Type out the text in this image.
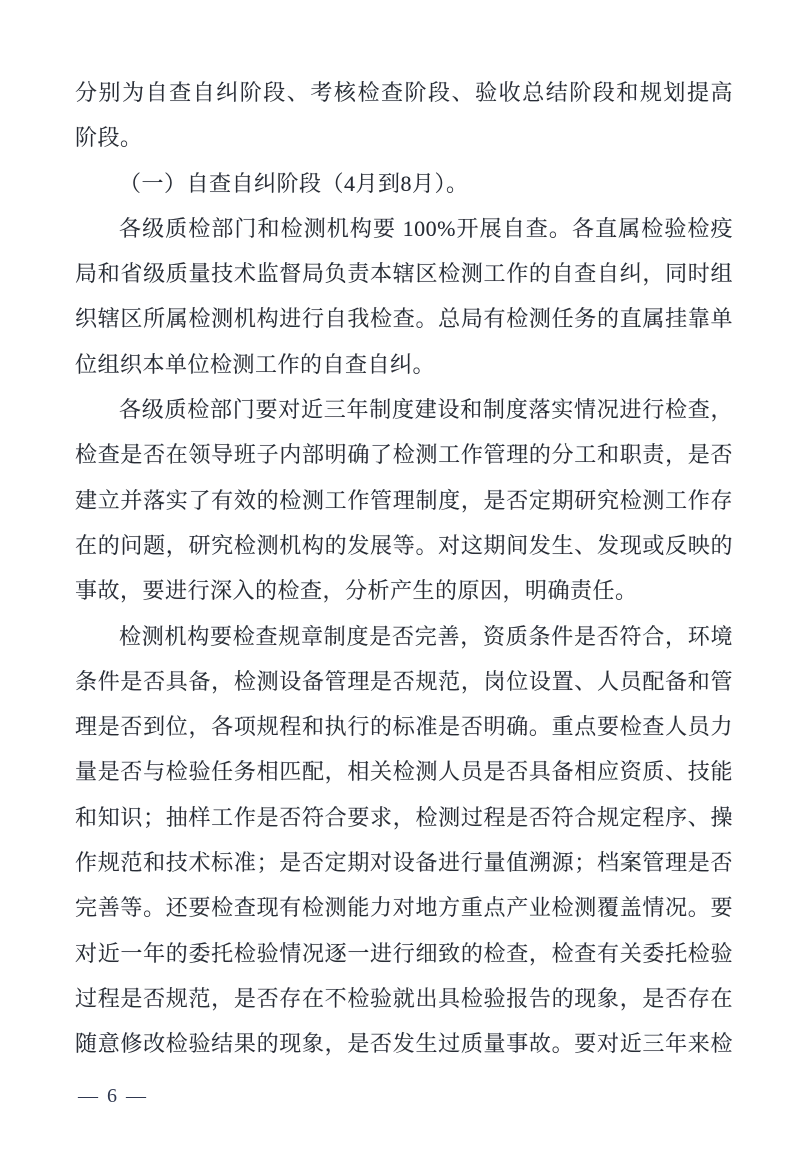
分别为自查自纠阶段、考核检查阶段、验收总结阶段和规划提高
阶段。
（一）自查自纠阶段（4月到8月）。
各级质检部门和检测机构要 100%开展自查。各直属检验检疫
局和省级质量技术监督局负责本辖区检测工作的自查自纠，同时组
织辖区所属检测机构进行自我检查。总局有检测任务的直属挂靠单
位组织本单位检测工作的自查自纠。
各级质检部门要对近三年制度建设和制度落实情况进行检查，
检查是否在领导班子内部明确了检测工作管理的分工和职责，是否
建立并落实了有效的检测工作管理制度，是否定期研究检测工作存
在的问题，研究检测机构的发展等。对这期间发生、发现或反映的
事故，要进行深入的检查，分析产生的原因，明确责任。
检测机构要检查规章制度是否完善，资质条件是否符合，环境
条件是否具备，检测设备管理是否规范，岗位设置、人员配备和管
理是否到位，各项规程和执行的标准是否明确。重点要检查人员力
量是否与检验任务相匹配，相关检测人员是否具备相应资质、技能
和知识；抽样工作是否符合要求，检测过程是否符合规定程序、操
作规范和技术标准；是否定期对设备进行量值溯源；档案管理是否
完善等。还要检查现有检测能力对地方重点产业检测覆盖情况。要
对近一年的委托检验情况逐一进行细致的检查，检查有关委托检验
过程是否规范，是否存在不检验就出具检验报告的现象，是否存在
随意修改检验结果的现象，是否发生过质量事故。要对近三年来检
— 6 —
